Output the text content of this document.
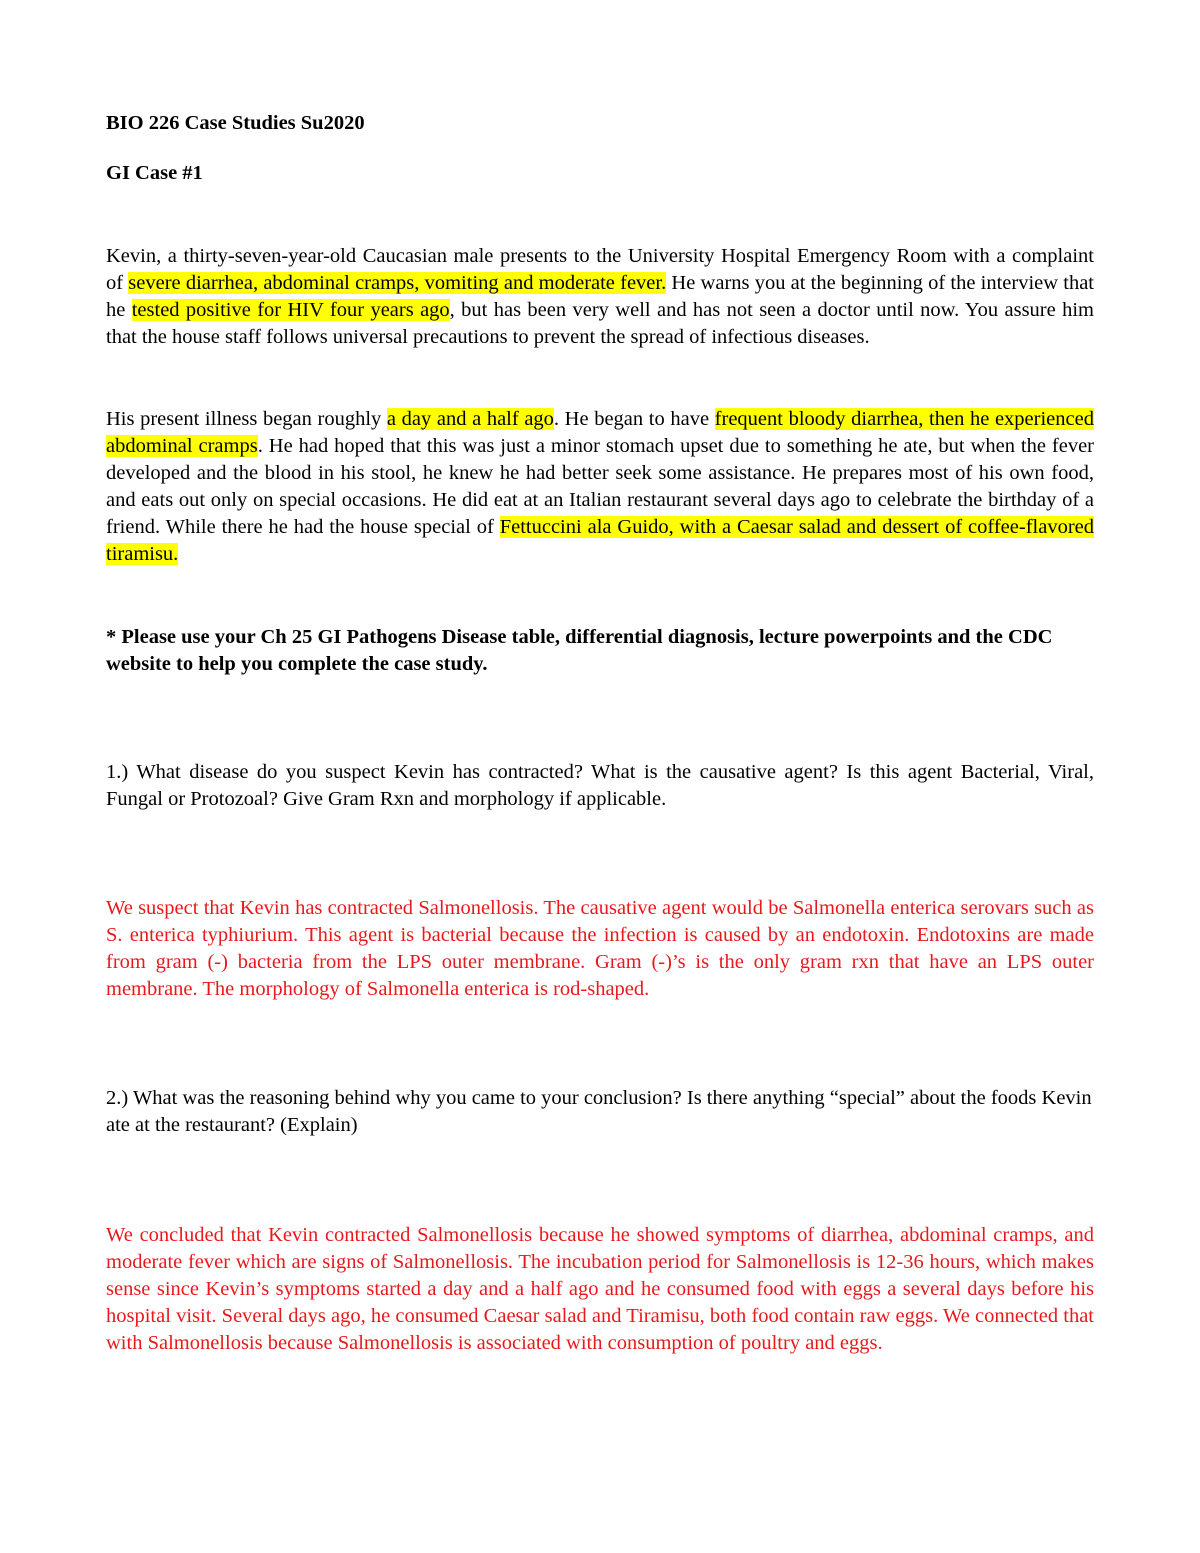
BIO 226 Case Studies Su2020

GI Case #1

Kevin, a thirty-seven-year-old Caucasian male presents to the University Hospital Emergency Room with a complaint of severe diarrhea, abdominal cramps, vomiting and moderate fever. He warns you at the beginning of the interview that he tested positive for HIV four years ago, but has been very well and has not seen a doctor until now. You assure him that the house staff follows universal precautions to prevent the spread of infectious diseases.

His present illness began roughly a day and a half ago. He began to have frequent bloody diarrhea, then he experienced abdominal cramps. He had hoped that this was just a minor stomach upset due to something he ate, but when the fever developed and the blood in his stool, he knew he had better seek some assistance. He prepares most of his own food, and eats out only on special occasions. He did eat at an Italian restaurant several days ago to celebrate the birthday of a friend. While there he had the house special of Fettuccini ala Guido, with a Caesar salad and dessert of coffee-flavored tiramisu.

* Please use your Ch 25 GI Pathogens Disease table, differential diagnosis, lecture powerpoints and the CDC website to help you complete the case study.

1.) What disease do you suspect Kevin has contracted? What is the causative agent? Is this agent Bacterial, Viral, Fungal or Protozoal? Give Gram Rxn and morphology if applicable.

We suspect that Kevin has contracted Salmonellosis. The causative agent would be Salmonella enterica serovars such as S. enterica typhiurium. This agent is bacterial because the infection is caused by an endotoxin. Endotoxins are made from gram (-) bacteria from the LPS outer membrane. Gram (-)’s is the only gram rxn that have an LPS outer membrane. The morphology of Salmonella enterica is rod-shaped.

2.) What was the reasoning behind why you came to your conclusion? Is there anything “special” about the foods Kevin ate at the restaurant? (Explain)

We concluded that Kevin contracted Salmonellosis because he showed symptoms of diarrhea, abdominal cramps, and moderate fever which are signs of Salmonellosis. The incubation period for Salmonellosis is 12-36 hours, which makes sense since Kevin’s symptoms started a day and a half ago and he consumed food with eggs a several days before his hospital visit. Several days ago, he consumed Caesar salad and Tiramisu, both food contain raw eggs. We connected that with Salmonellosis because Salmonellosis is associated with consumption of poultry and eggs.
